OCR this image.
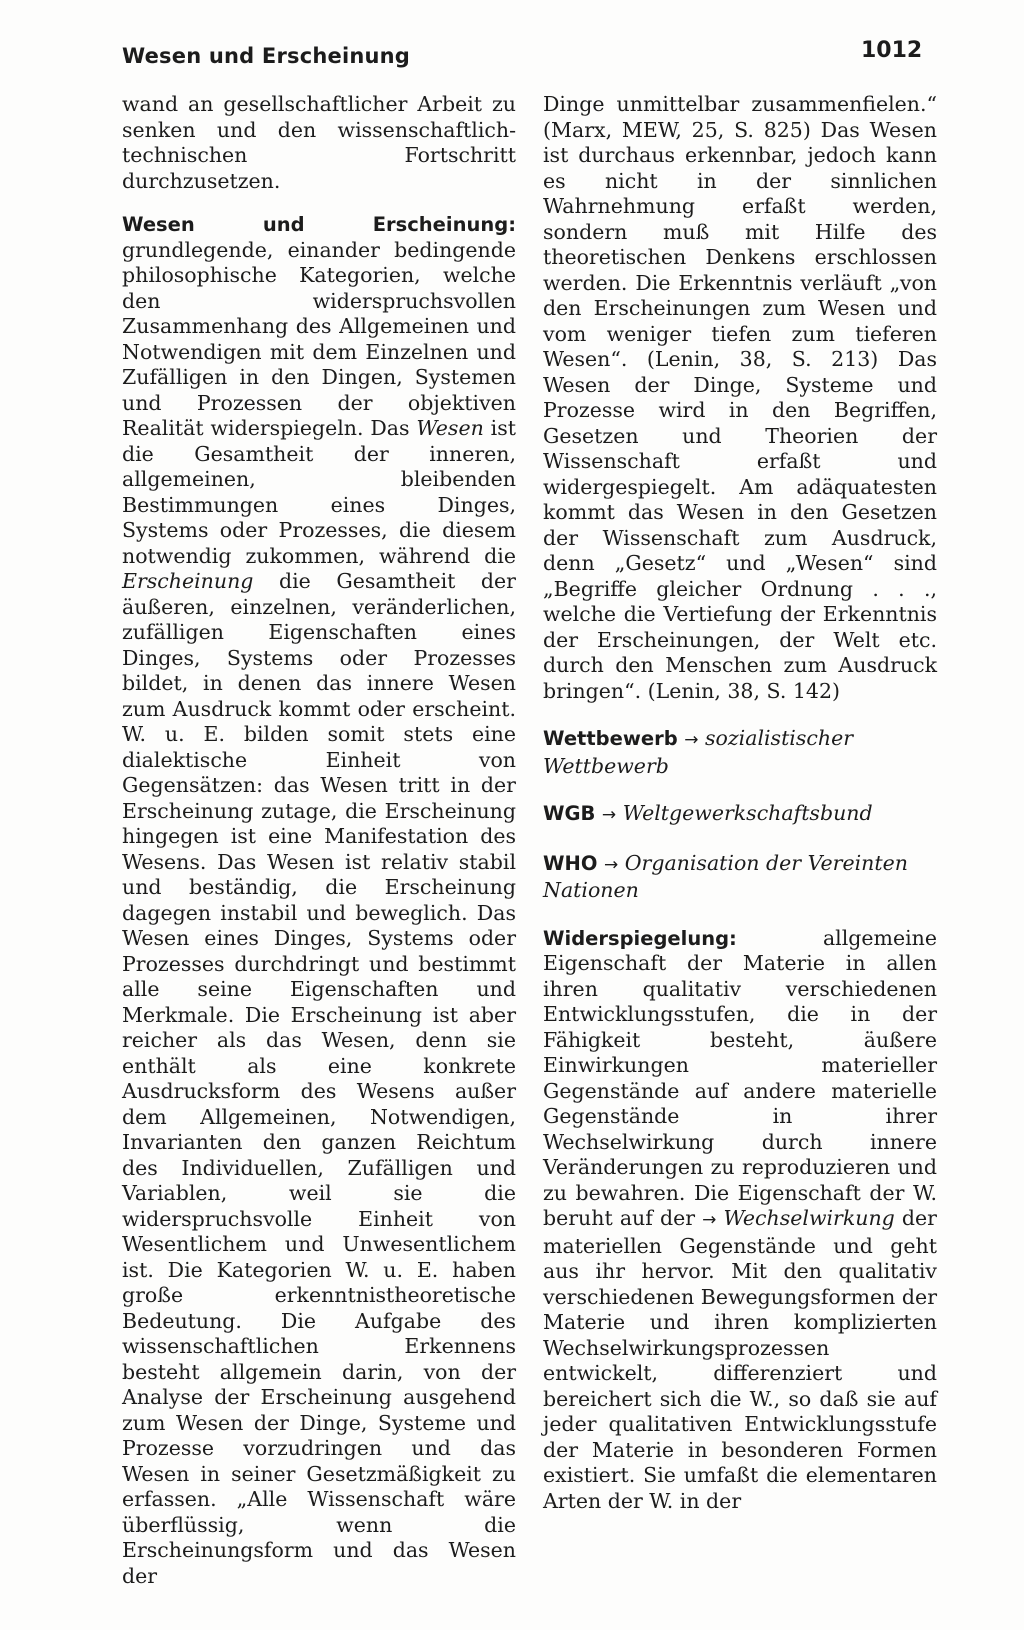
Wesen und Erscheinung	1012

wand an gesellschaftlicher Arbeit zu senken und den wissenschaftlich-technischen Fortschritt durchzusetzen.

Wesen und Erscheinung: grundlegende, einander bedingende philosophische Kategorien, welche den widerspruchsvollen Zusammenhang des Allgemeinen und Notwendigen mit dem Einzelnen und Zufälligen in den Dingen, Systemen und Prozessen der objektiven Realität widerspiegeln. Das Wesen ist die Gesamtheit der inneren, allgemeinen, bleibenden Bestimmungen eines Dinges, Systems oder Prozesses, die diesem notwendig zukommen, während die Erscheinung die Gesamtheit der äußeren, einzelnen, veränderlichen, zufälligen Eigenschaften eines Dinges, Systems oder Prozesses bildet, in denen das innere Wesen zum Ausdruck kommt oder erscheint. W. u. E. bilden somit stets eine dialektische Einheit von Gegensätzen: das Wesen tritt in der Erscheinung zutage, die Erscheinung hingegen ist eine Manifestation des Wesens. Das Wesen ist relativ stabil und beständig, die Erscheinung dagegen instabil und beweglich. Das Wesen eines Dinges, Systems oder Prozesses durchdringt und bestimmt alle seine Eigenschaften und Merkmale. Die Erscheinung ist aber reicher als das Wesen, denn sie enthält als eine konkrete Ausdrucksform des Wesens außer dem Allgemeinen, Notwendigen, Invarianten den ganzen Reichtum des Individuellen, Zufälligen und Variablen, weil sie die widerspruchsvolle Einheit von Wesentlichem und Unwesentlichem ist. Die Kategorien W. u. E. haben große erkenntnistheoretische Bedeutung. Die Aufgabe des wissenschaftlichen Erkennens besteht allgemein darin, von der Analyse der Erscheinung ausgehend zum Wesen der Dinge, Systeme und Prozesse vorzudringen und das Wesen in seiner Gesetzmäßigkeit zu erfassen. „Alle Wissenschaft wäre überflüssig, wenn die Erscheinungsform und das Wesen der

Dinge unmittelbar zusammenfielen.“ (Marx, MEW, 25, S. 825) Das Wesen ist durchaus erkennbar, jedoch kann es nicht in der sinnlichen Wahrnehmung erfaßt werden, sondern muß mit Hilfe des theoretischen Denkens erschlossen werden. Die Erkenntnis verläuft „von den Erscheinungen zum Wesen und vom weniger tiefen zum tieferen Wesen“. (Lenin, 38, S. 213) Das Wesen der Dinge, Systeme und Prozesse wird in den Begriffen, Gesetzen und Theorien der Wissenschaft erfaßt und widergespiegelt. Am adäquatesten kommt das Wesen in den Gesetzen der Wissenschaft zum Ausdruck, denn „Gesetz“ und „Wesen“ sind „Begriffe gleicher Ordnung . . ., welche die Vertiefung der Erkenntnis der Erscheinungen, der Welt etc. durch den Menschen zum Ausdruck bringen“. (Lenin, 38, S. 142)

Wettbewerb → sozialistischer Wettbewerb

WGB → Weltgewerkschaftsbund

WHO → Organisation der Vereinten Nationen

Widerspiegelung: allgemeine Eigenschaft der Materie in allen ihren qualitativ verschiedenen Entwicklungsstufen, die in der Fähigkeit besteht, äußere Einwirkungen materieller Gegenstände auf andere materielle Gegenstände in ihrer Wechselwirkung durch innere Veränderungen zu reproduzieren und zu bewahren. Die Eigenschaft der W. beruht auf der → Wechselwirkung der materiellen Gegenstände und geht aus ihr hervor. Mit den qualitativ verschiedenen Bewegungsformen der Materie und ihren komplizierten Wechselwirkungsprozessen entwickelt, differenziert und bereichert sich die W., so daß sie auf jeder qualitativen Entwicklungsstufe der Materie in besonderen Formen existiert. Sie umfaßt die elementaren Arten der W. in der
